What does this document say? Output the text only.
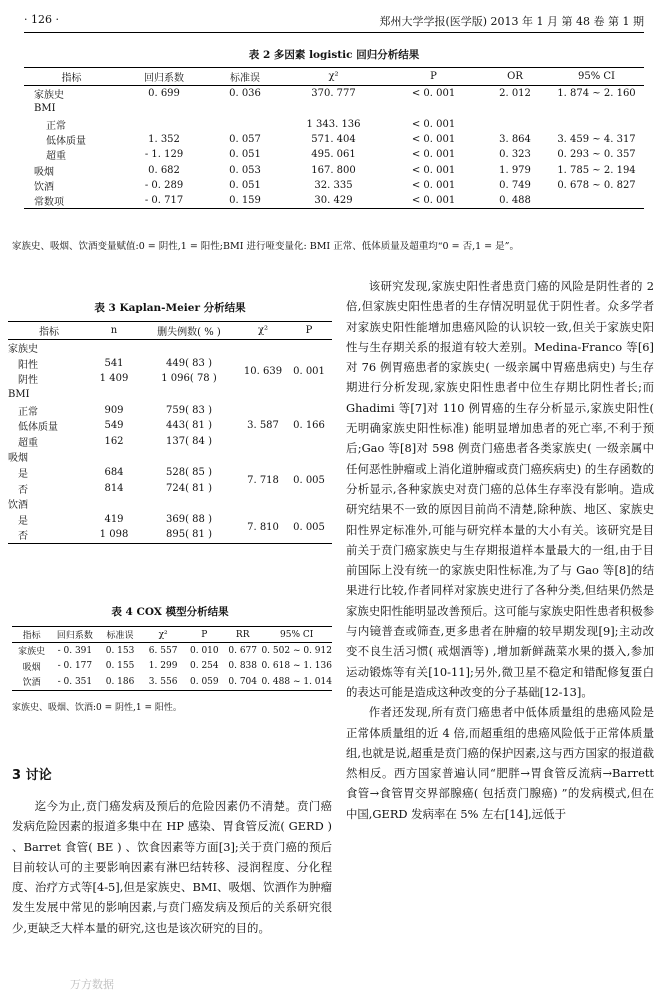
· 126 ·	郑州大学学报(医学版) 2013 年 1 月 第 48 卷 第 1 期
表 2 多因素 logistic 回归分析结果
指标	回归系数	标准误	χ²	P	OR	95% CI
家族史	0. 699	0. 036	370. 777	< 0. 001	2. 012	1. 874 ~ 2. 160
BMI						
正常			1 343. 136	< 0. 001		
低体质量	1. 352	0. 057	571. 404	< 0. 001	3. 864	3. 459 ~ 4. 317
超重	- 1. 129	0. 051	495. 061	< 0. 001	0. 323	0. 293 ~ 0. 357
吸烟	0. 682	0. 053	167. 800	< 0. 001	1. 979	1. 785 ~ 2. 194
饮酒	- 0. 289	0. 051	32. 335	< 0. 001	0. 749	0. 678 ~ 0. 827
常数项	- 0. 717	0. 159	30. 429	< 0. 001	0. 488	
家族史、吸烟、饮酒变量赋值:0 = 阴性,1 = 阳性;BMI 进行哑变量化: BMI 正常、低体质量及超重均“0 = 否,1 = 是”。
表 3 Kaplan-Meier 分析结果
指标	n	删失例数( % )	χ²	P
家族史				
阳性	541	449( 83 )	10. 639	0. 001
阴性	1 409	1 096( 78 )		
BMI				
正常	909	759( 83 )	3. 587	0. 166
低体质量	549	443( 81 )		
超重	162	137( 84 )		
吸烟				
是	684	528( 85 )	7. 718	0. 005
否	814	724( 81 )		
饮酒				
是	419	369( 88 )	7. 810	0. 005
否	1 098	895( 81 )		
表 4 COX 模型分析结果
指标	回归系数	标准误	χ²	P	RR	95% CI
家族史	- 0. 391	0. 153	6. 557	0. 010	0. 677	0. 502 ~ 0. 912
吸烟	- 0. 177	0. 155	1. 299	0. 254	0. 838	0. 618 ~ 1. 136
饮酒	- 0. 351	0. 186	3. 556	0. 059	0. 704	0. 488 ~ 1. 014
家族史、吸烟、饮酒:0 = 阴性,1 = 阳性。
3 讨论

迄今为止,贲门癌发病及预后的危险因素仍不清楚。贲门癌发病危险因素的报道多集中在 HP 感染、胃食管反流( GERD ) 、Barret 食管( BE ) 、饮食因素等方面[3];关于贲门癌的预后目前较认可的主要影响因素有淋巴结转移、浸润程度、分化程度、治疗方式等[4-5],但是家族史、BMI、吸烟、饮酒作为肿瘤发生发展中常见的影响因素,与贲门癌发病及预后的关系研究很少,更缺乏大样本量的研究,这也是该次研究的目的。

万方数据

该研究发现,家族史阳性者患贲门癌的风险是阴性者的 2 倍,但家族史阳性患者的生存情况明显优于阴性者。众多学者对家族史阳性能增加患癌风险的认识较一致,但关于家族史阳性与生存期关系的报道有较大差别。Medina-Franco 等[6]对 76 例胃癌患者的家族史( 一级亲属中胃癌患病史) 与生存期进行分析发现,家族史阳性患者中位生存期比阴性者长;而 Ghadimi 等[7]对 110 例胃癌的生存分析显示,家族史阳性( 无明确家族史阳性标准) 能明显增加患者的死亡率,不利于预后;Gao 等[8]对 598 例贲门癌患者各类家族史( 一级亲属中任何恶性肿瘤或上消化道肿瘤或贲门癌疾病史) 的生存函数的分析显示,各种家族史对贲门癌的总体生存率没有影响。造成研究结果不一致的原因目前尚不清楚,除种族、地区、家族史阳性界定标准外,可能与研究样本量的大小有关。该研究是目前关于贲门癌家族史与生存期报道样本量最大的一组,由于目前国际上没有统一的家族史阳性标准,为了与 Gao 等[8]的结果进行比较,作者同样对家族史进行了各种分类,但结果仍然是家族史阳性能明显改善预后。这可能与家族史阳性患者积极参与内镜普查或筛查,更多患者在肿瘤的较早期发现[9];主动改变不良生活习惯( 戒烟酒等) ,增加新鲜蔬菜水果的摄入,参加运动锻炼等有关[10-11];另外,微卫星不稳定和错配修复蛋白的表达可能是造成这种改变的分子基础[12-13]。

作者还发现,所有贲门癌患者中低体质量组的患癌风险是正常体质量组的近 4 倍,而超重组的患癌风险低于正常体质量组,也就是说,超重是贲门癌的保护因素,这与西方国家的报道截然相反。西方国家普遍认同“肥胖→胃食管反流病→Barrett 食管→食管胃交界部腺癌( 包括贲门腺癌) ”的发病模式,但在中国,GERD 发病率在 5% 左右[14],远低于
